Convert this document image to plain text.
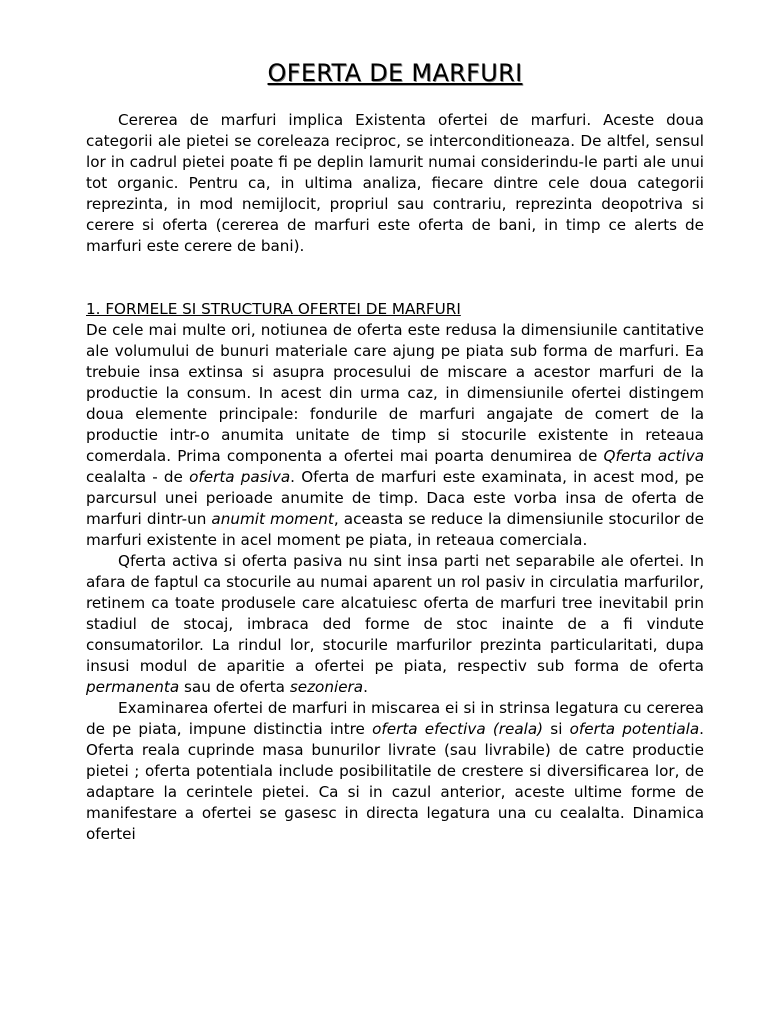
OFERTA DE MARFURI

Cererea de marfuri implica Existenta ofertei de marfuri. Aceste doua categorii ale pietei se coreleaza reciproc, se interconditioneaza. De altfel, sensul lor in cadrul pietei poate fi pe deplin lamurit numai considerindu-le parti ale unui tot organic. Pentru ca, in ultima analiza, fiecare dintre cele doua categorii reprezinta, in mod nemijlocit, propriul sau contrariu, reprezinta deopotriva si cerere si oferta (cererea de marfuri este oferta de bani, in timp ce alerts de marfuri este cerere de bani).

1. FORMELE SI STRUCTURA OFERTEI DE MARFURI

De cele mai multe ori, notiunea de oferta este redusa la dimensiunile cantitative ale volumului de bunuri materiale care ajung pe piata sub forma de marfuri. Ea trebuie insa extinsa si asupra procesului de miscare a acestor marfuri de la productie la consum. In acest din urma caz, in dimensiunile ofertei distingem doua elemente principale: fondurile de marfuri angajate de comert de la productie intr-o anumita unitate de timp si stocurile existente in reteaua comerdala. Prima componenta a ofertei mai poarta denumirea de Qferta activa cealalta - de oferta pasiva. Oferta de marfuri este examinata, in acest mod, pe parcursul unei perioade anumite de timp. Daca este vorba insa de oferta de marfuri dintr-un anumit moment, aceasta se reduce la dimensiunile stocurilor de marfuri existente in acel moment pe piata, in reteaua comerciala.

Qferta activa si oferta pasiva nu sint insa parti net separabile ale ofertei. In afara de faptul ca stocurile au numai aparent un rol pasiv in circulatia marfurilor, retinem ca toate produsele care alcatuiesc oferta de marfuri tree inevitabil prin stadiul de stocaj, imbraca ded forme de stoc inainte de a fi vindute consumatorilor. La rindul lor, stocurile marfurilor prezinta particularitati, dupa insusi modul de aparitie a ofertei pe piata, respectiv sub forma de oferta permanenta sau de oferta sezoniera.

Examinarea ofertei de marfuri in miscarea ei si in strinsa legatura cu cererea de pe piata, impune distinctia intre oferta efectiva (reala) si oferta potentiala. Oferta reala cuprinde masa bunurilor livrate (sau livrabile) de catre productie pietei ; oferta potentiala include posibilitatile de crestere si diversificarea lor, de adaptare la cerintele pietei. Ca si in cazul anterior, aceste ultime forme de manifestare a ofertei se gasesc in directa legatura una cu cealalta. Dinamica ofertei
